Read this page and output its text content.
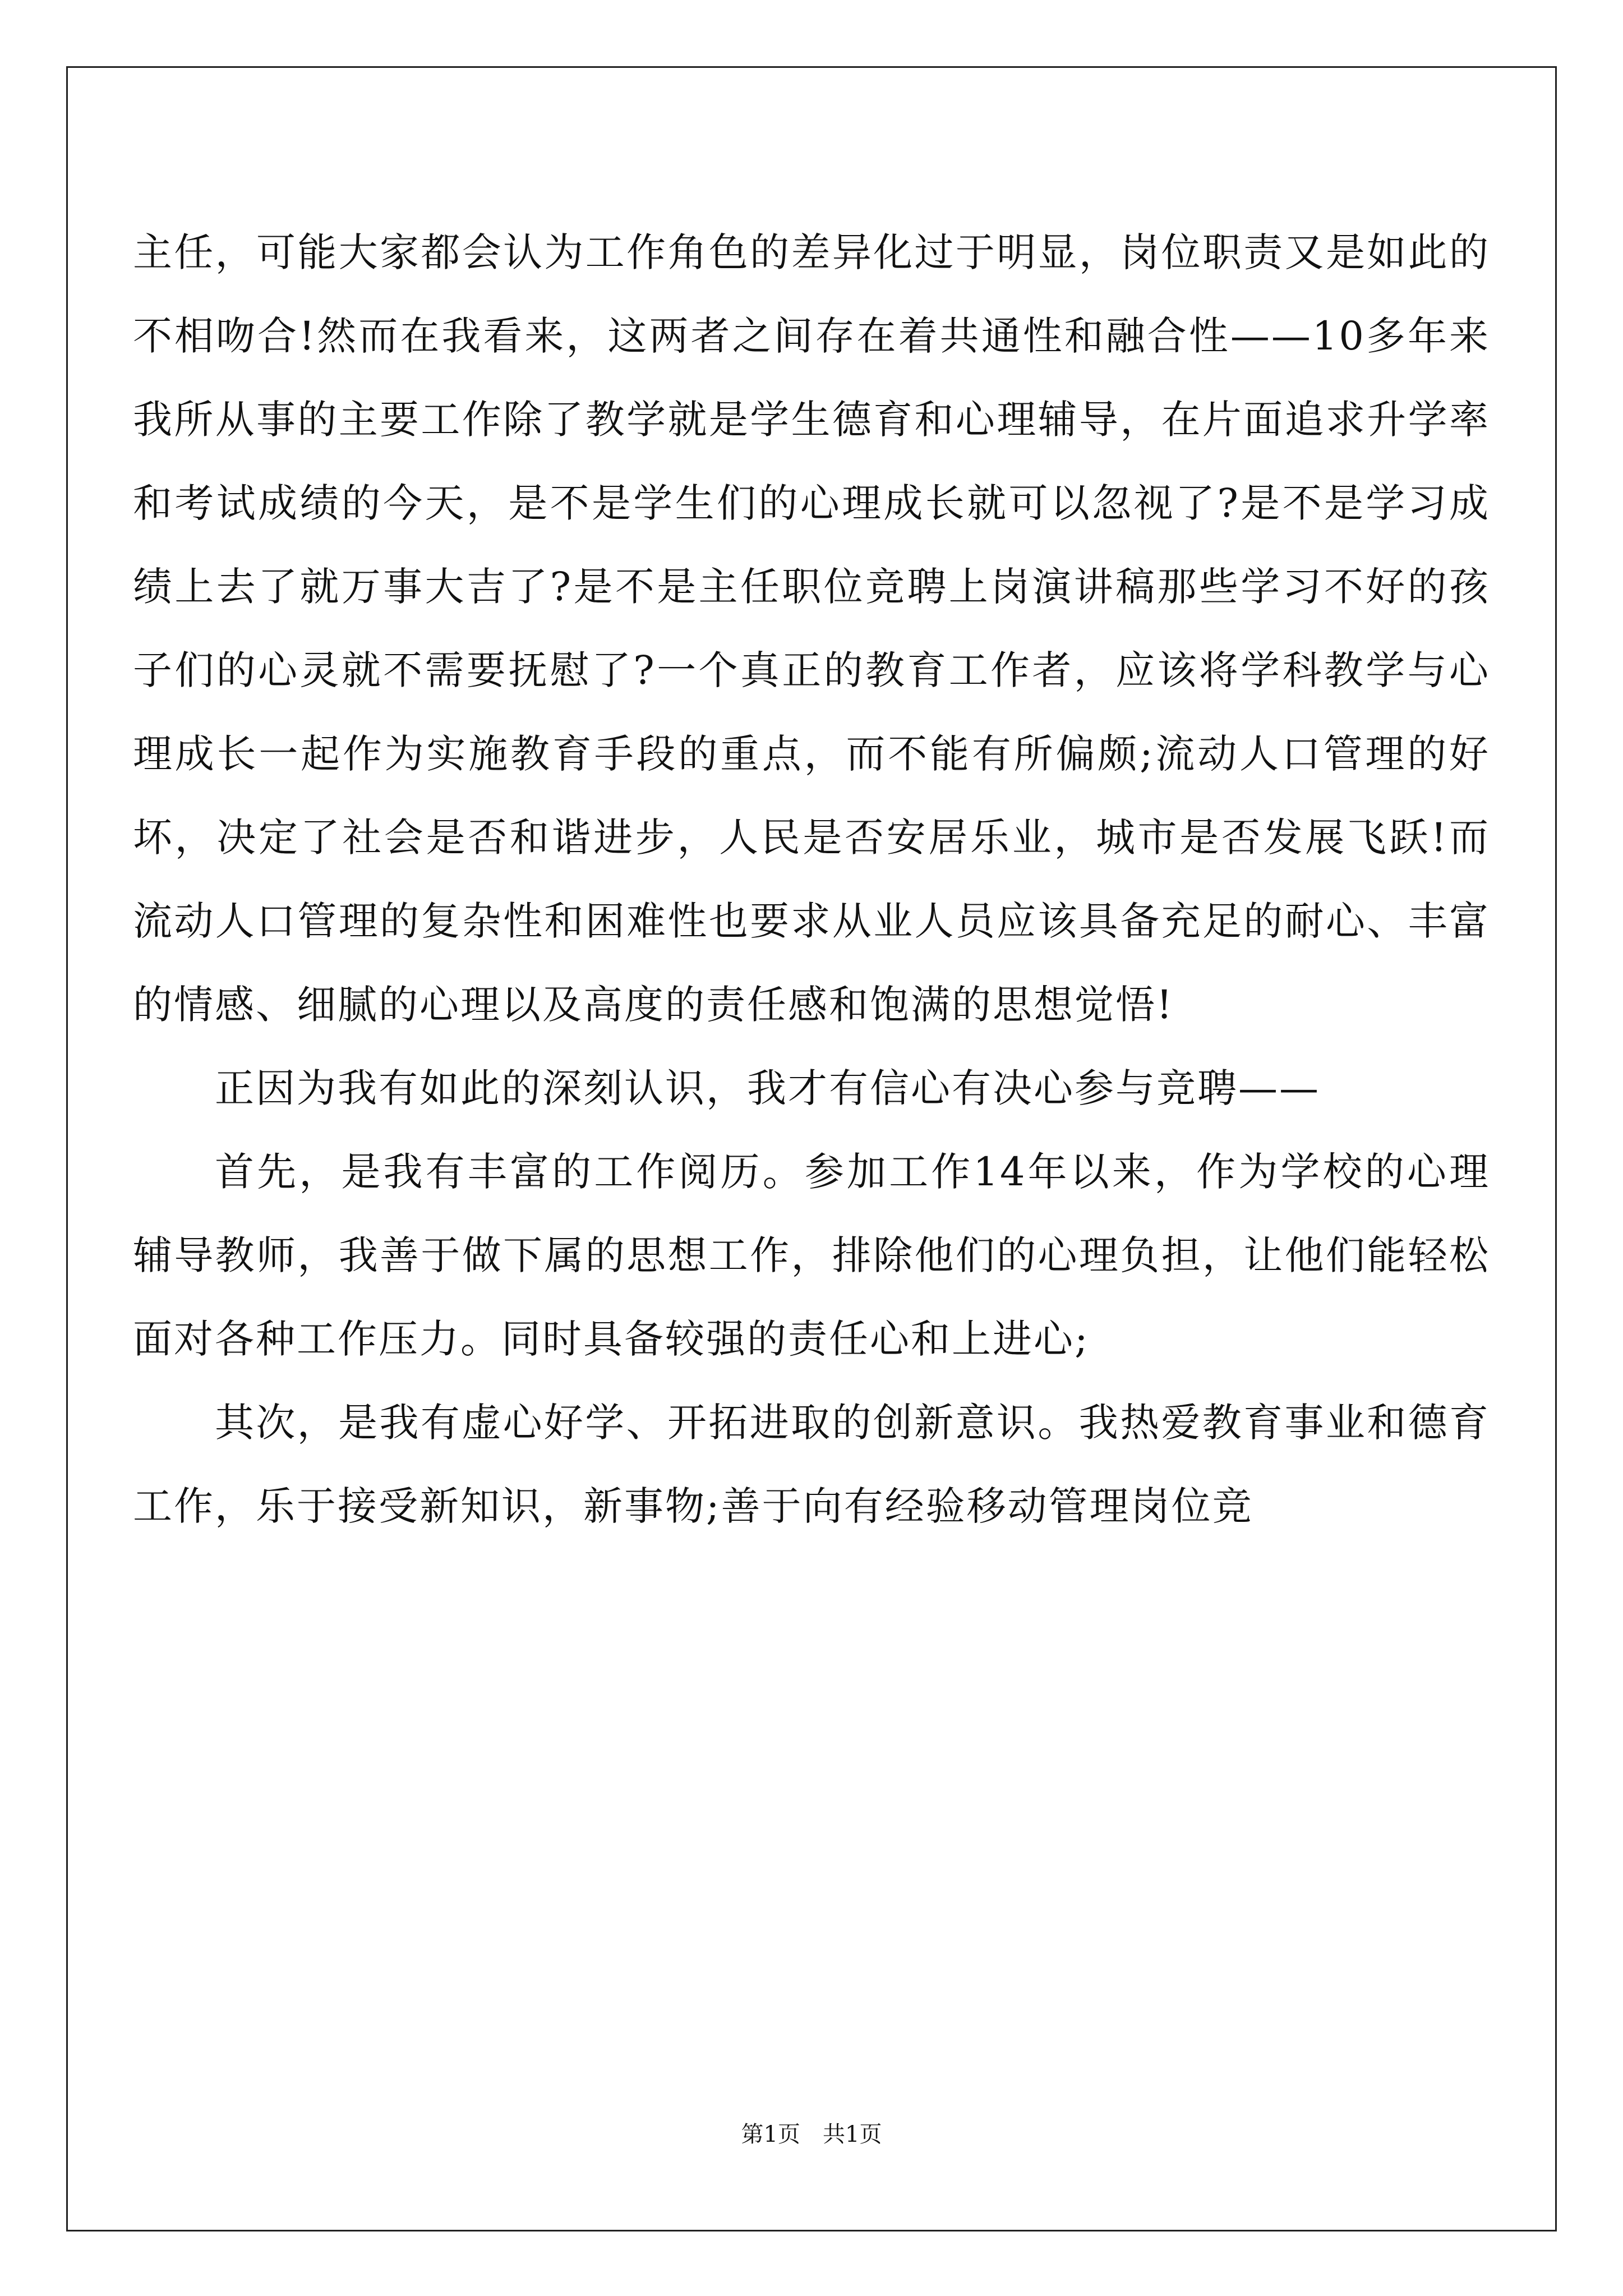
主任，可能大家都会认为工作角色的差异化过于明显，岗位职责又是如此的不相吻合!然而在我看来，这两者之间存在着共通性和融合性——10多年来我所从事的主要工作除了教学就是学生德育和心理辅导，在片面追求升学率和考试成绩的今天，是不是学生们的心理成长就可以忽视了?是不是学习成绩上去了就万事大吉了?是不是主任职位竞聘上岗演讲稿那些学习不好的孩子们的心灵就不需要抚慰了?一个真正的教育工作者，应该将学科教学与心理成长一起作为实施教育手段的重点，而不能有所偏颇;流动人口管理的好坏，决定了社会是否和谐进步，人民是否安居乐业，城市是否发展飞跃!而流动人口管理的复杂性和困难性也要求从业人员应该具备充足的耐心、丰富的情感、细腻的心理以及高度的责任感和饱满的思想觉悟!

正因为我有如此的深刻认识，我才有信心有决心参与竞聘——

首先，是我有丰富的工作阅历。参加工作14年以来，作为学校的心理辅导教师，我善于做下属的思想工作，排除他们的心理负担，让他们能轻松面对各种工作压力。同时具备较强的责任心和上进心;

其次，是我有虚心好学、开拓进取的创新意识。我热爱教育事业和德育工作，乐于接受新知识，新事物;善于向有经验移动管理岗位竞

第1页 共1页
